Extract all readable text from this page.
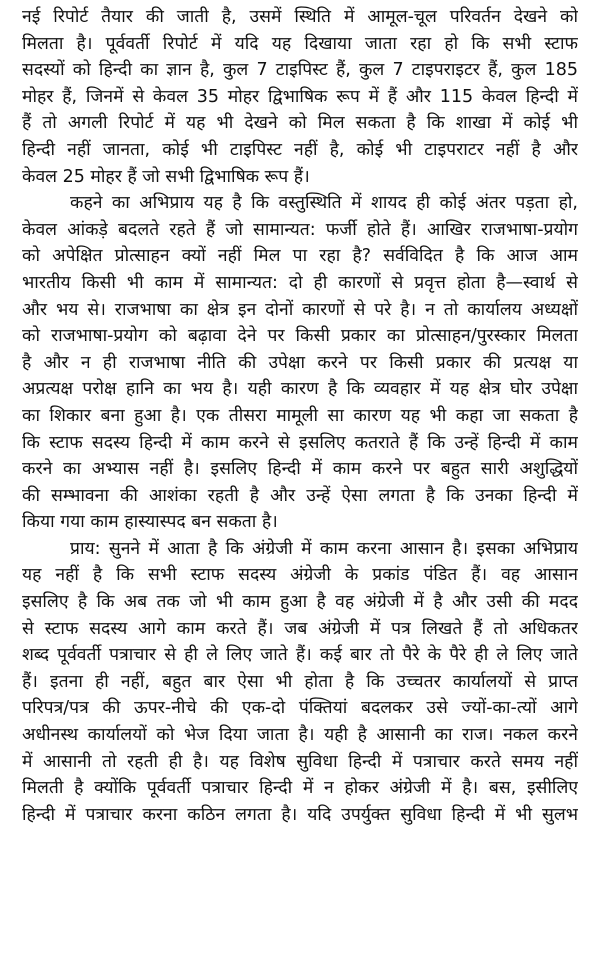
नई रिपोर्ट तैयार की जाती है, उसमें स्थिति में आमूल-चूल परिवर्तन देखने को
मिलता है। पूर्ववर्ती रिपोर्ट में यदि यह दिखाया जाता रहा हो कि सभी स्टाफ
सदस्यों को हिन्दी का ज्ञान है, कुल 7 टाइपिस्ट हैं, कुल 7 टाइपराइटर हैं, कुल 185
मोहर हैं, जिनमें से केवल 35 मोहर द्विभाषिक रूप में हैं और 115 केवल हिन्दी में
हैं तो अगली रिपोर्ट में यह भी देखने को मिल सकता है कि शाखा में कोई भी
हिन्दी नहीं जानता, कोई भी टाइपिस्ट नहीं है, कोई भी टाइपराटर नहीं है और
केवल 25 मोहर हैं जो सभी द्विभाषिक रूप हैं।
कहने का अभिप्राय यह है कि वस्तुस्थिति में शायद ही कोई अंतर पड़ता हो,
केवल आंकड़े बदलते रहते हैं जो सामान्यत: फर्जी होते हैं। आखिर राजभाषा-प्रयोग
को अपेक्षित प्रोत्साहन क्यों नहीं मिल पा रहा है? सर्वविदित है कि आज आम
भारतीय किसी भी काम में सामान्यत: दो ही कारणों से प्रवृत्त होता है—स्वार्थ से
और भय से। राजभाषा का क्षेत्र इन दोनों कारणों से परे है। न तो कार्यालय अध्यक्षों
को राजभाषा-प्रयोग को बढ़ावा देने पर किसी प्रकार का प्रोत्साहन/पुरस्कार मिलता
है और न ही राजभाषा नीति की उपेक्षा करने पर किसी प्रकार की प्रत्यक्ष या
अप्रत्यक्ष परोक्ष हानि का भय है। यही कारण है कि व्यवहार में यह क्षेत्र घोर उपेक्षा
का शिकार बना हुआ है। एक तीसरा मामूली सा कारण यह भी कहा जा सकता है
कि स्टाफ सदस्य हिन्दी में काम करने से इसलिए कतराते हैं कि उन्हें हिन्दी में काम
करने का अभ्यास नहीं है। इसलिए हिन्दी में काम करने पर बहुत सारी अशुद्धियों
की सम्भावना की आशंका रहती है और उन्हें ऐसा लगता है कि उनका हिन्दी में
किया गया काम हास्यास्पद बन सकता है।
प्राय: सुनने में आता है कि अंग्रेजी में काम करना आसान है। इसका अभिप्राय
यह नहीं है कि सभी स्टाफ सदस्य अंग्रेजी के प्रकांड पंडित हैं। वह आसान
इसलिए है कि अब तक जो भी काम हुआ है वह अंग्रेजी में है और उसी की मदद
से स्टाफ सदस्य आगे काम करते हैं। जब अंग्रेजी में पत्र लिखते हैं तो अधिकतर
शब्द पूर्ववर्ती पत्राचार से ही ले लिए जाते हैं। कई बार तो पैरे के पैरे ही ले लिए जाते
हैं। इतना ही नहीं, बहुत बार ऐसा भी होता है कि उच्चतर कार्यालयों से प्राप्त
परिपत्र/पत्र की ऊपर-नीचे की एक-दो पंक्तियां बदलकर उसे ज्यों-का-त्यों आगे
अधीनस्थ कार्यालयों को भेज दिया जाता है। यही है आसानी का राज। नकल करने
में आसानी तो रहती ही है। यह विशेष सुविधा हिन्दी में पत्राचार करते समय नहीं
मिलती है क्योंकि पूर्ववर्ती पत्राचार हिन्दी में न होकर अंग्रेजी में है। बस, इसीलिए
हिन्दी में पत्राचार करना कठिन लगता है। यदि उपर्युक्त सुविधा हिन्दी में भी सुलभ
